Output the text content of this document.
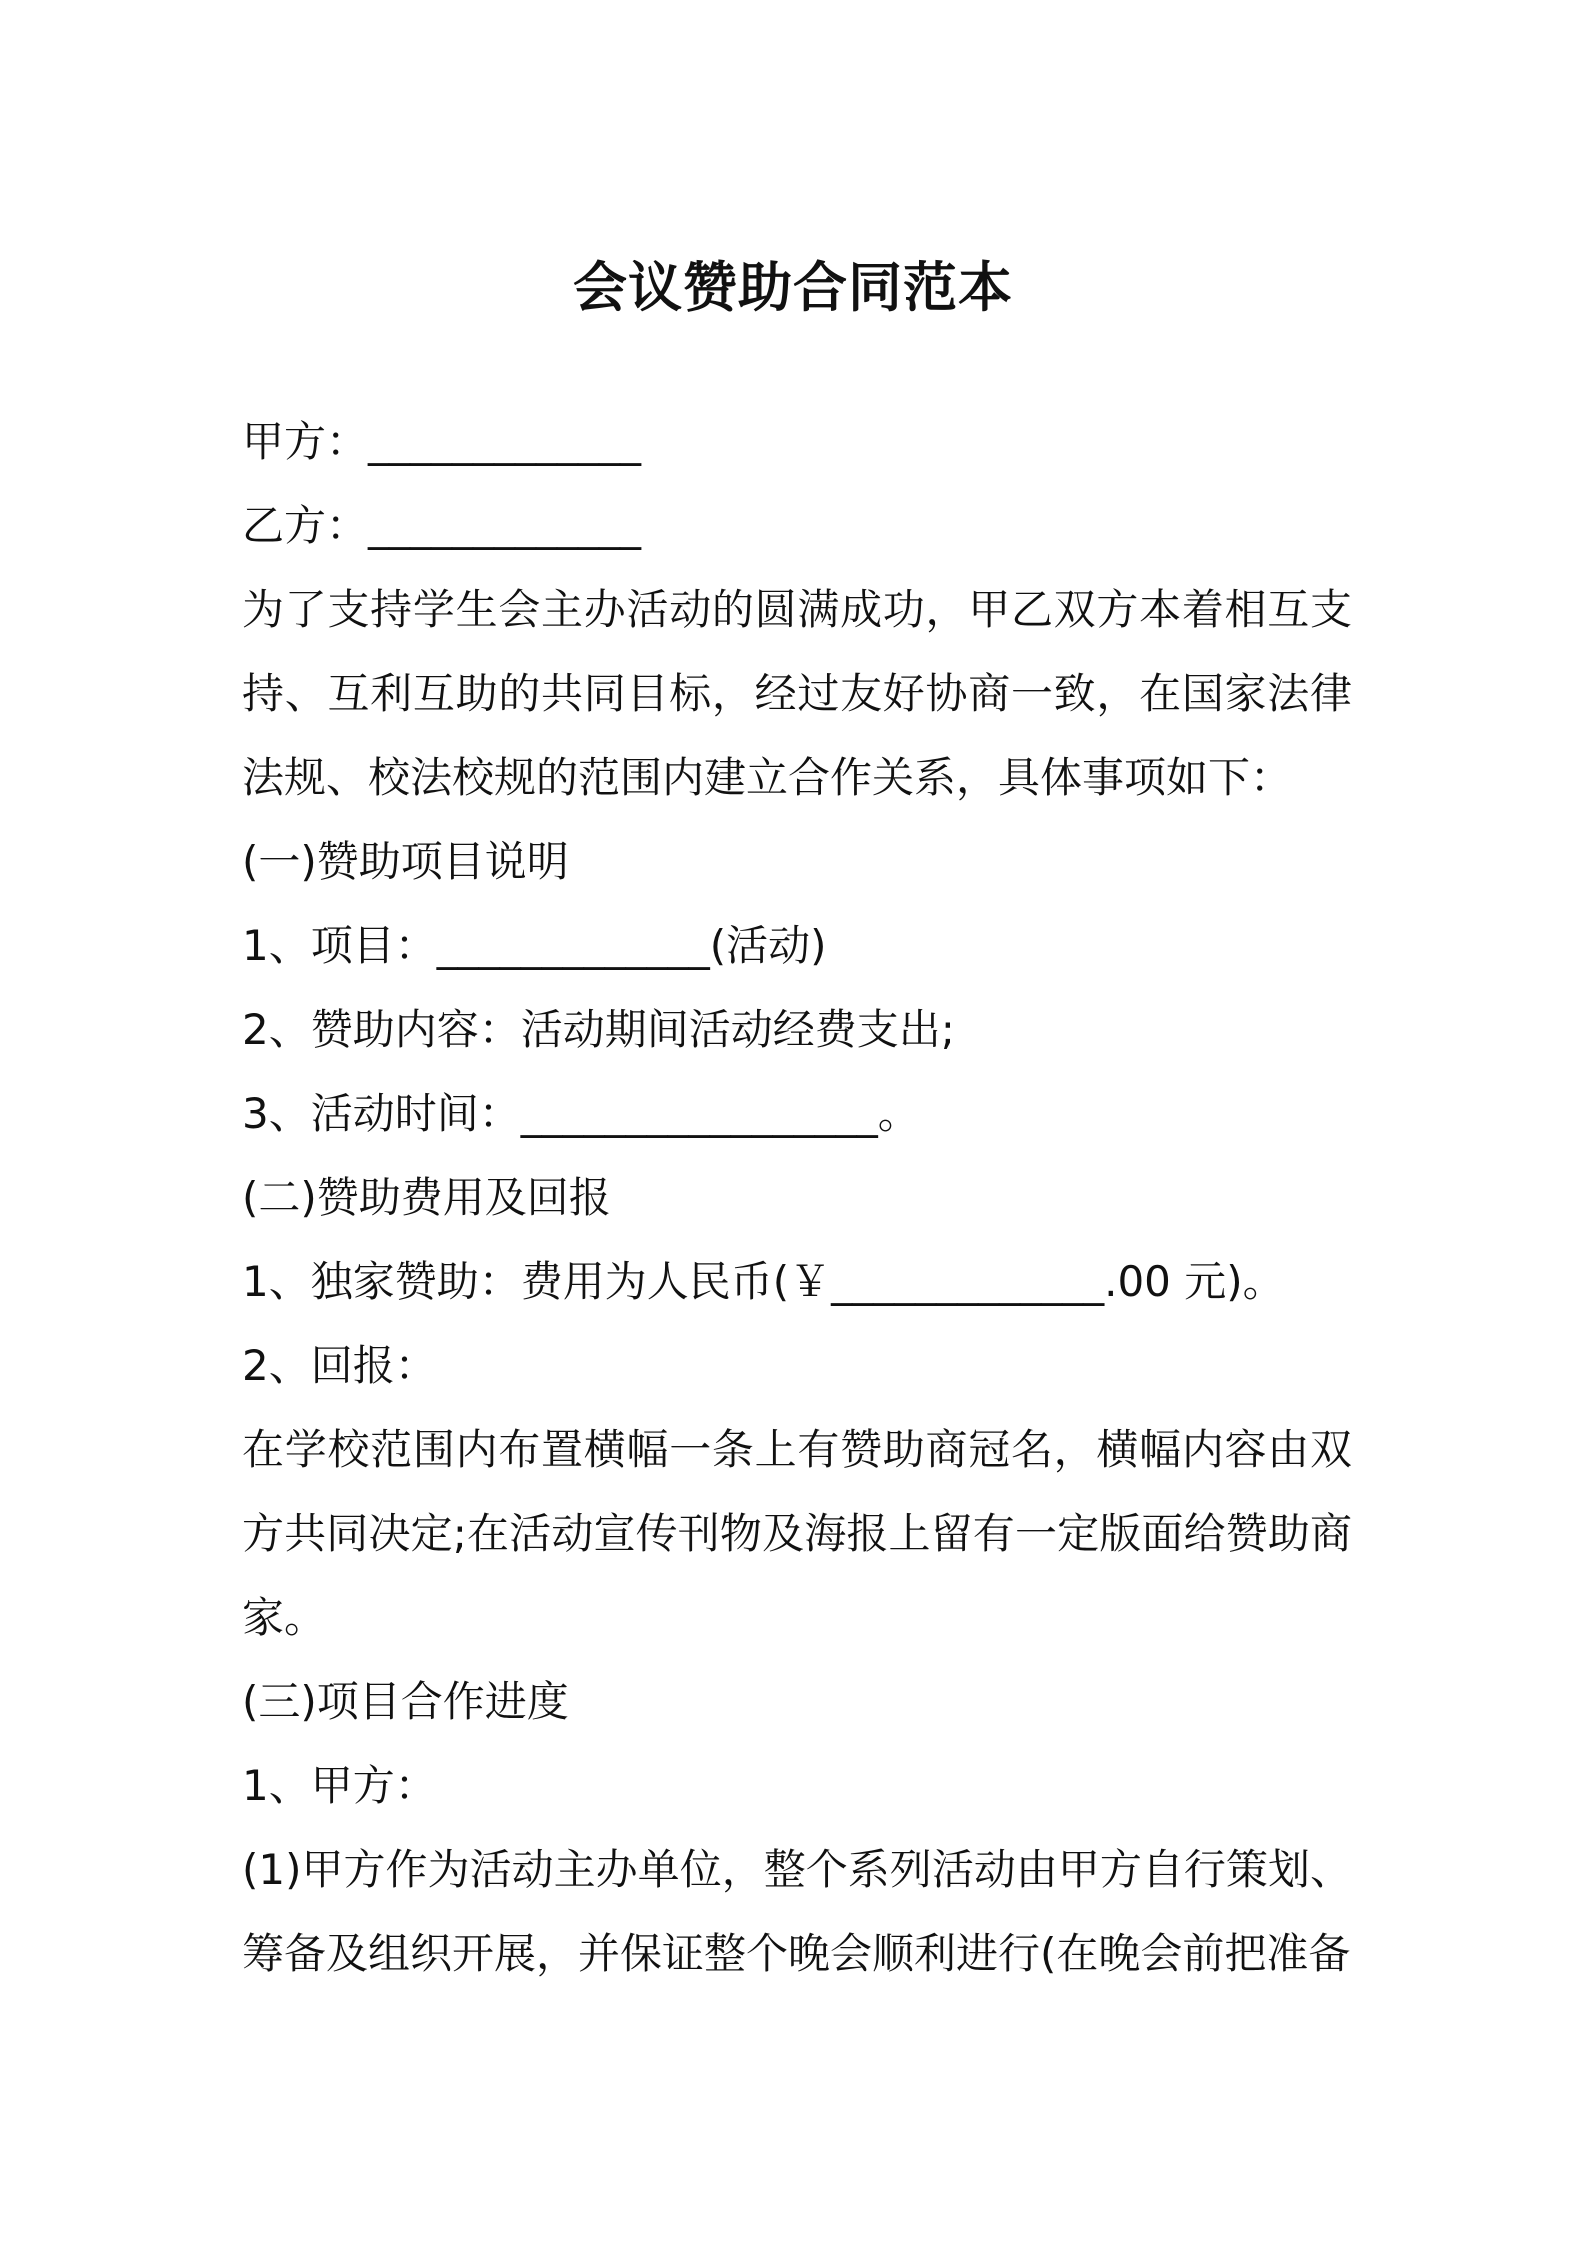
会议赞助合同范本
甲方：_____________
乙方：_____________
为了支持学生会主办活动的圆满成功，甲乙双方本着相互支持、互利互助的共同目标，经过友好协商一致，在国家法律法规、校法校规的范围内建立合作关系，具体事项如下：
(一)赞助项目说明
1、项目：_____________(活动)
2、赞助内容：活动期间活动经费支出;
3、活动时间：_________________。
(二)赞助费用及回报
1、独家赞助：费用为人民币(￥_____________.00 元)。
2、回报：
在学校范围内布置横幅一条上有赞助商冠名，横幅内容由双方共同决定;在活动宣传刊物及海报上留有一定版面给赞助商家。
(三)项目合作进度
1、甲方：
(1)甲方作为活动主办单位，整个系列活动由甲方自行策划、筹备及组织开展，并保证整个晚会顺利进行(在晚会前把准备
